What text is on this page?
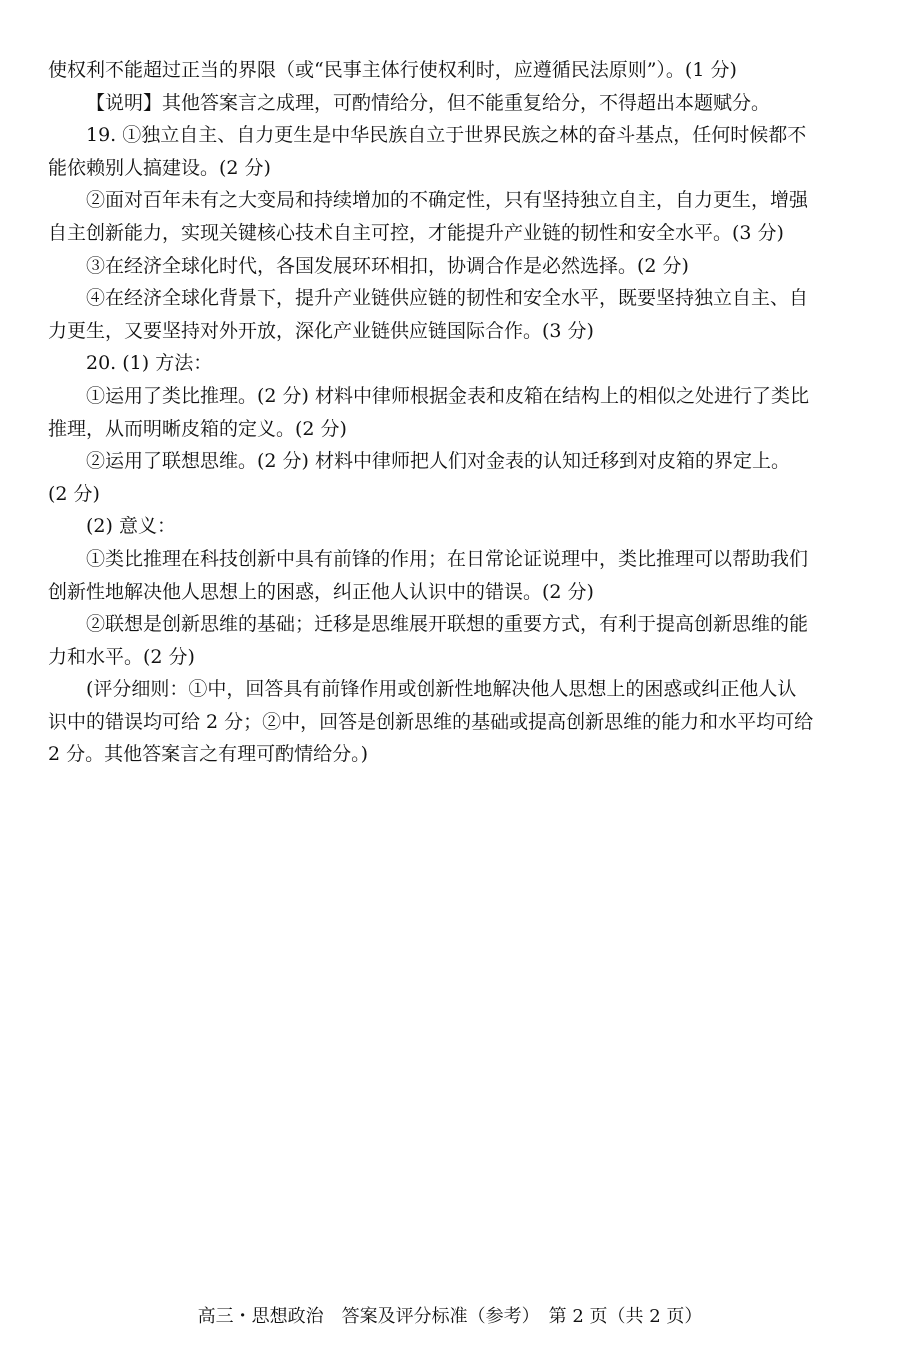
使权利不能超过正当的界限（或“民事主体行使权利时，应遵循民法原则”）。(1 分)
【说明】其他答案言之成理，可酌情给分，但不能重复给分，不得超出本题赋分。
19. ①独立自主、自力更生是中华民族自立于世界民族之林的奋斗基点，任何时候都不
能依赖别人搞建设。(2 分)
②面对百年未有之大变局和持续增加的不确定性，只有坚持独立自主，自力更生，增强
自主创新能力，实现关键核心技术自主可控，才能提升产业链的韧性和安全水平。(3 分)
③在经济全球化时代，各国发展环环相扣，协调合作是必然选择。(2 分)
④在经济全球化背景下，提升产业链供应链的韧性和安全水平，既要坚持独立自主、自
力更生，又要坚持对外开放，深化产业链供应链国际合作。(3 分)
20. (1) 方法：
①运用了类比推理。(2 分) 材料中律师根据金表和皮箱在结构上的相似之处进行了类比
推理，从而明晰皮箱的定义。(2 分)
②运用了联想思维。(2 分) 材料中律师把人们对金表的认知迁移到对皮箱的界定上。
(2 分)
(2) 意义：
①类比推理在科技创新中具有前锋的作用；在日常论证说理中，类比推理可以帮助我们
创新性地解决他人思想上的困惑，纠正他人认识中的错误。(2 分)
②联想是创新思维的基础；迁移是思维展开联想的重要方式，有利于提高创新思维的能
力和水平。(2 分)
(评分细则：①中，回答具有前锋作用或创新性地解决他人思想上的困惑或纠正他人认
识中的错误均可给 2 分；②中，回答是创新思维的基础或提高创新思维的能力和水平均可给
2 分。其他答案言之有理可酌情给分。)
高三・思想政治　答案及评分标准（参考）　第 2 页（共 2 页）
